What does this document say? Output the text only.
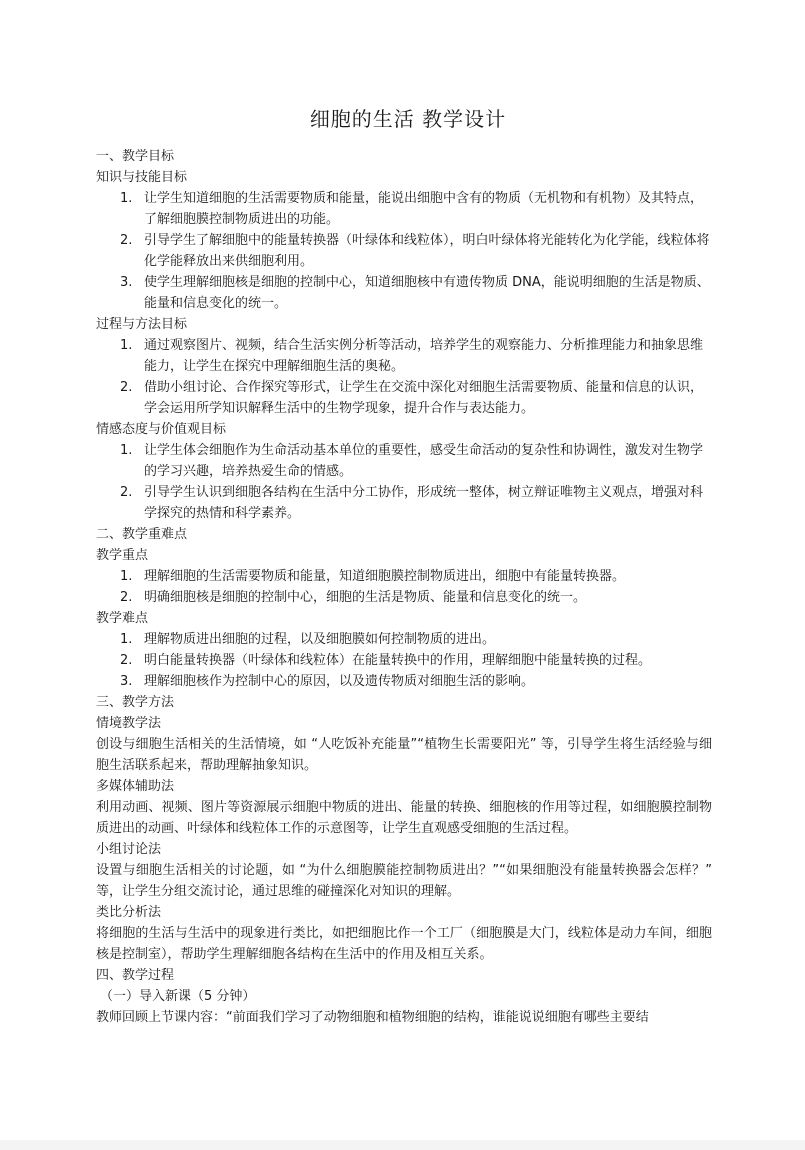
细胞的生活 教学设计

一、教学目标

知识与技能目标

1. 让学生知道细胞的生活需要物质和能量，能说出细胞中含有的物质（无机物和有机物）及其特点，了解细胞膜控制物质进出的功能。
2. 引导学生了解细胞中的能量转换器（叶绿体和线粒体），明白叶绿体将光能转化为化学能，线粒体将化学能释放出来供细胞利用。
3. 使学生理解细胞核是细胞的控制中心，知道细胞核中有遗传物质 DNA，能说明细胞的生活是物质、能量和信息变化的统一。

过程与方法目标

1. 通过观察图片、视频，结合生活实例分析等活动，培养学生的观察能力、分析推理能力和抽象思维能力，让学生在探究中理解细胞生活的奥秘。
2. 借助小组讨论、合作探究等形式，让学生在交流中深化对细胞生活需要物质、能量和信息的认识，学会运用所学知识解释生活中的生物学现象，提升合作与表达能力。

情感态度与价值观目标

1. 让学生体会细胞作为生命活动基本单位的重要性，感受生命活动的复杂性和协调性，激发对生物学的学习兴趣，培养热爱生命的情感。
2. 引导学生认识到细胞各结构在生活中分工协作，形成统一整体，树立辩证唯物主义观点，增强对科学探究的热情和科学素养。

二、教学重难点

教学重点

1. 理解细胞的生活需要物质和能量，知道细胞膜控制物质进出，细胞中有能量转换器。
2. 明确细胞核是细胞的控制中心，细胞的生活是物质、能量和信息变化的统一。

教学难点

1. 理解物质进出细胞的过程，以及细胞膜如何控制物质的进出。
2. 明白能量转换器（叶绿体和线粒体）在能量转换中的作用，理解细胞中能量转换的过程。
3. 理解细胞核作为控制中心的原因，以及遗传物质对细胞生活的影响。

三、教学方法

情境教学法

创设与细胞生活相关的生活情境，如 “人吃饭补充能量”“植物生长需要阳光” 等，引导学生将生活经验与细胞生活联系起来，帮助理解抽象知识。

多媒体辅助法

利用动画、视频、图片等资源展示细胞中物质的进出、能量的转换、细胞核的作用等过程，如细胞膜控制物质进出的动画、叶绿体和线粒体工作的示意图等，让学生直观感受细胞的生活过程。

小组讨论法

设置与细胞生活相关的讨论题，如 “为什么细胞膜能控制物质进出？”“如果细胞没有能量转换器会怎样？” 等，让学生分组交流讨论，通过思维的碰撞深化对知识的理解。

类比分析法

将细胞的生活与生活中的现象进行类比，如把细胞比作一个工厂（细胞膜是大门，线粒体是动力车间，细胞核是控制室），帮助学生理解细胞各结构在生活中的作用及相互关系。

四、教学过程

（一）导入新课（5 分钟）

教师回顾上节课内容：“前面我们学习了动物细胞和植物细胞的结构，谁能说说细胞有哪些主要结
